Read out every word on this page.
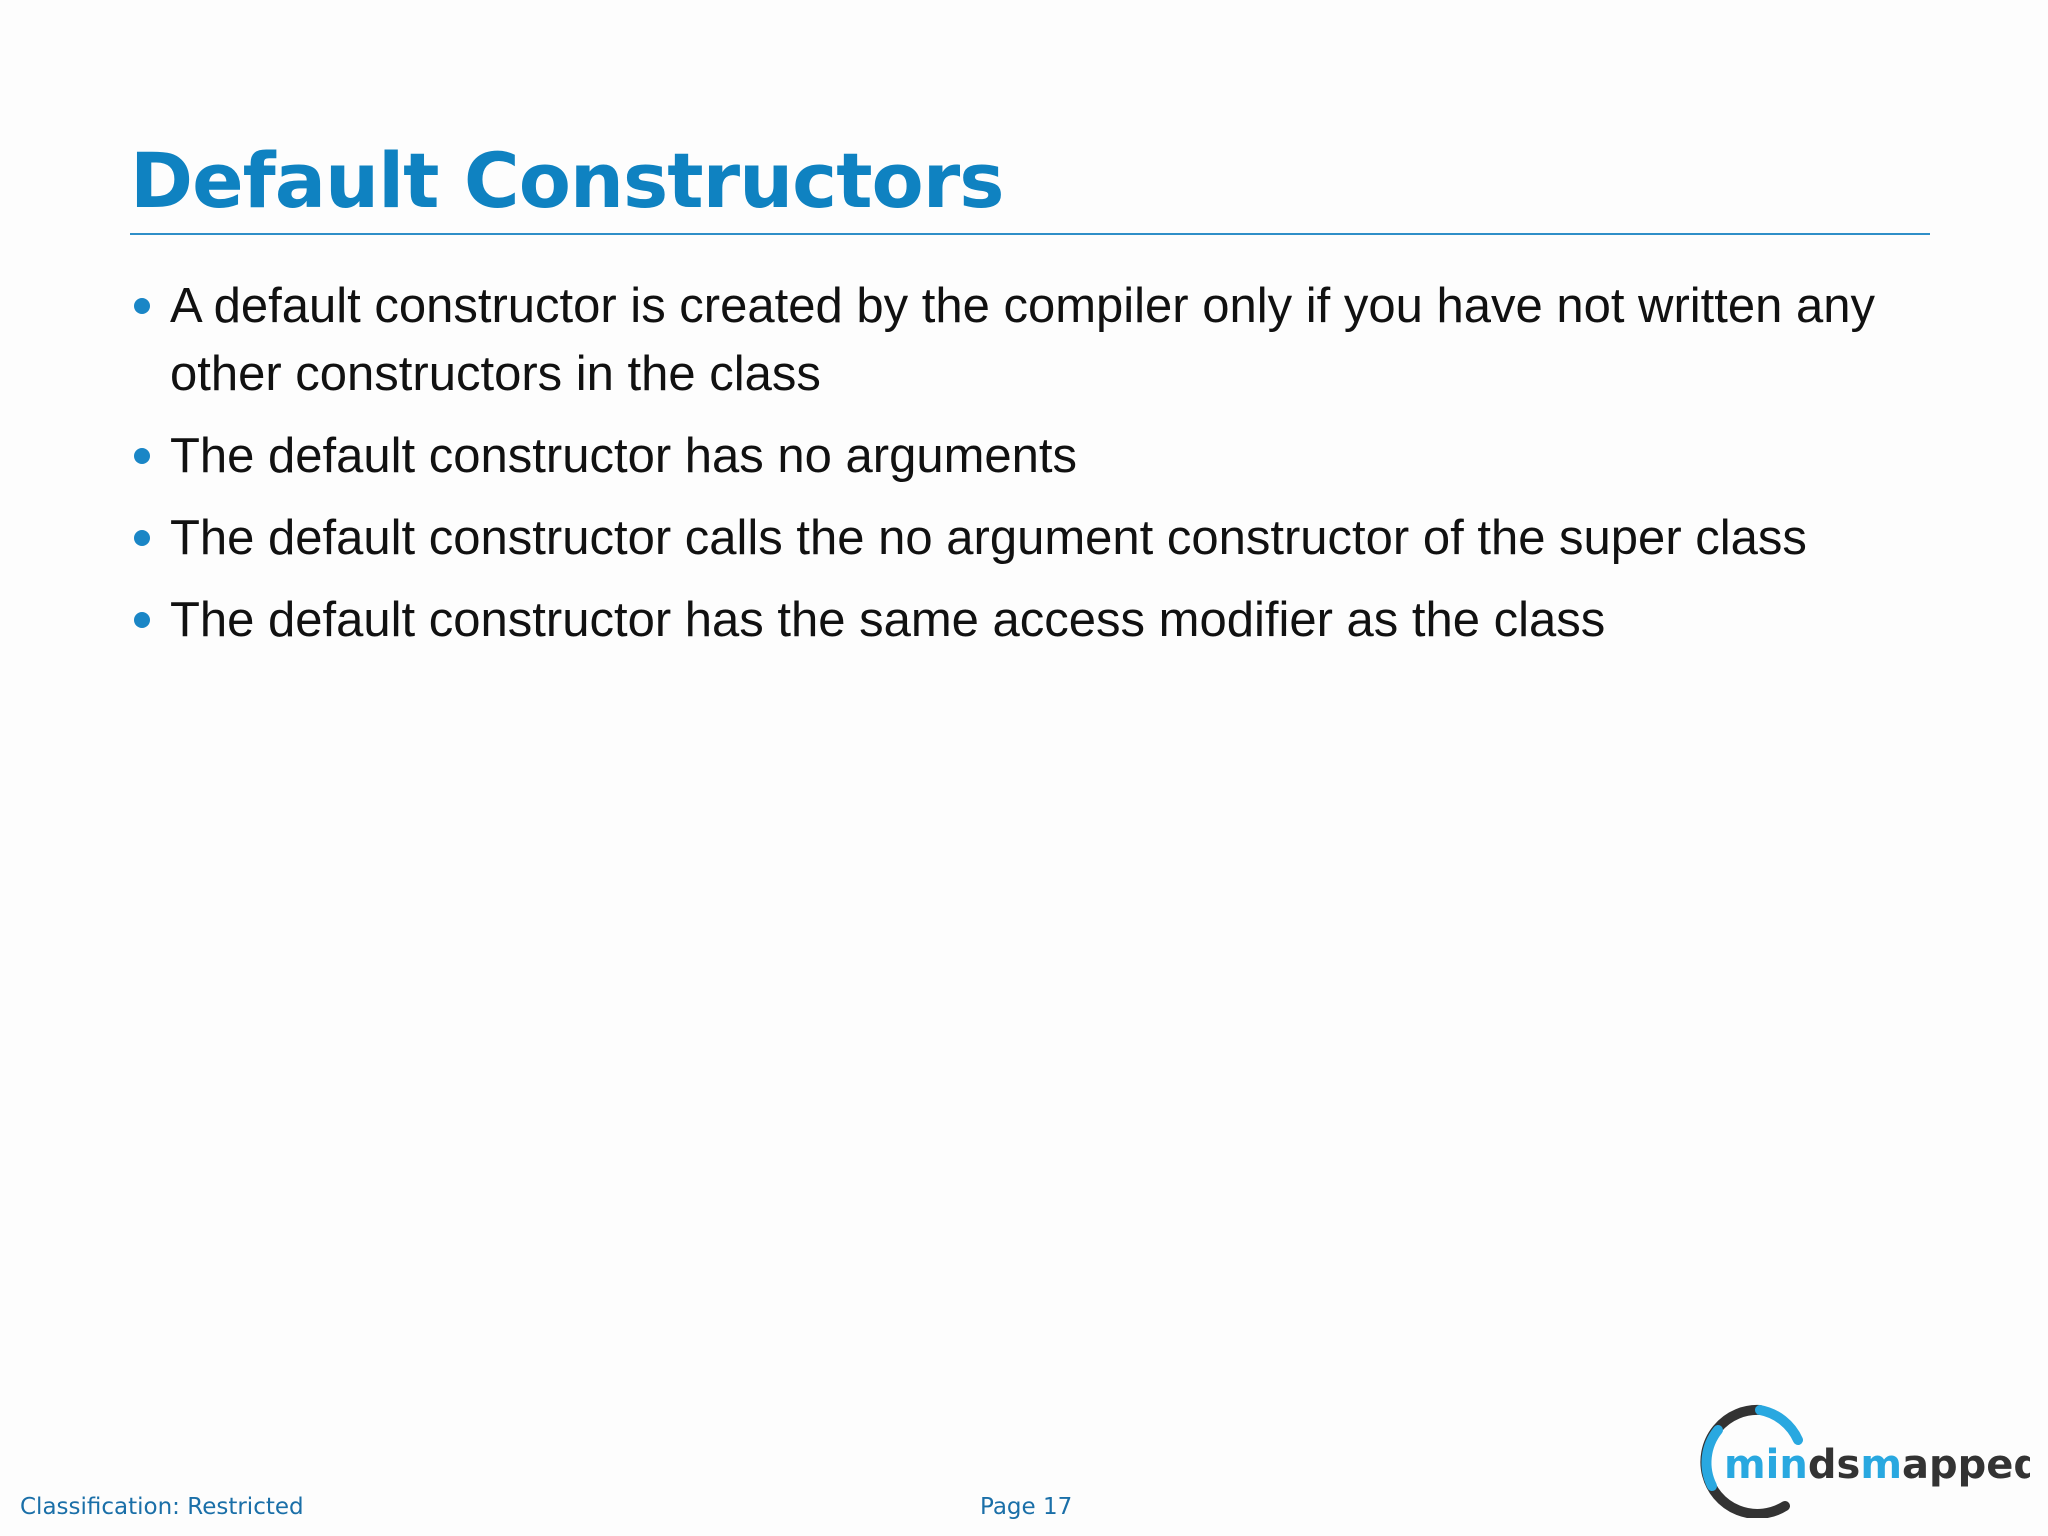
Default Constructors
A default constructor is created by the compiler only if you have not written any other constructors in the class
The default constructor has no arguments
The default constructor calls the no argument constructor of the super class
The default constructor has the same access modifier as the class
Classification: Restricted	Page 17
mindsmapped
